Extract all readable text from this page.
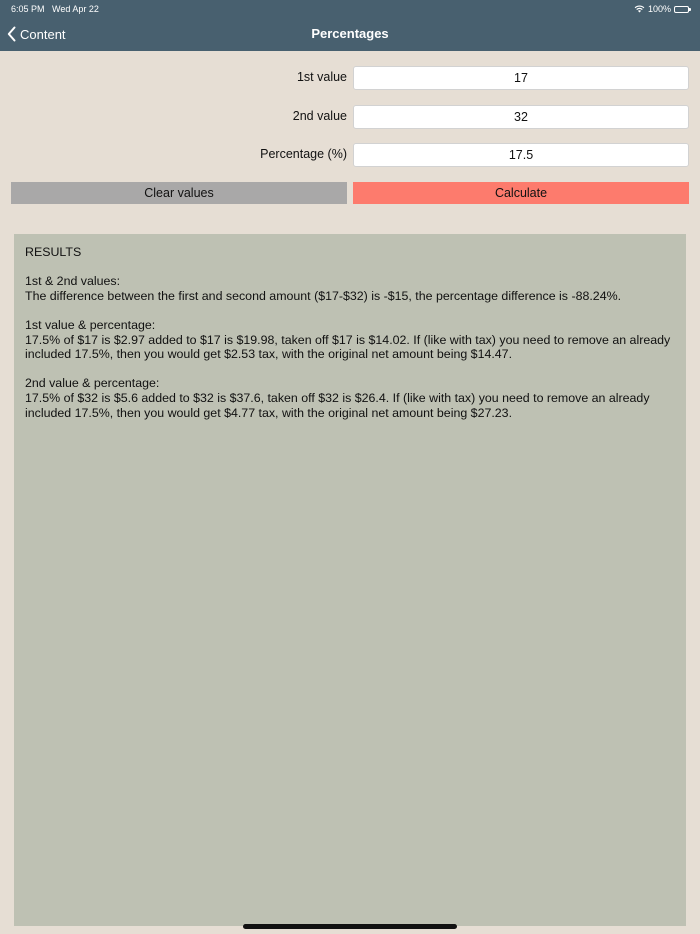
6:05 PM Wed Apr 22	100%
Content	Percentages
1st value
17
2nd value
32
Percentage (%)
17.5
Clear values	Calculate

RESULTS

1st & 2nd values:

The difference between the first and second amount ($17-$32) is -$15, the percentage difference is -88.24%.

1st value & percentage:

17.5% of $17 is $2.97 added to $17 is $19.98, taken off $17 is $14.02. If (like with tax) you need to remove an already included 17.5%, then you would get $2.53 tax, with the original net amount being $14.47.

2nd value & percentage:

17.5% of $32 is $5.6 added to $32 is $37.6, taken off $32 is $26.4. If (like with tax) you need to remove an already included 17.5%, then you would get $4.77 tax, with the original net amount being $27.23.
